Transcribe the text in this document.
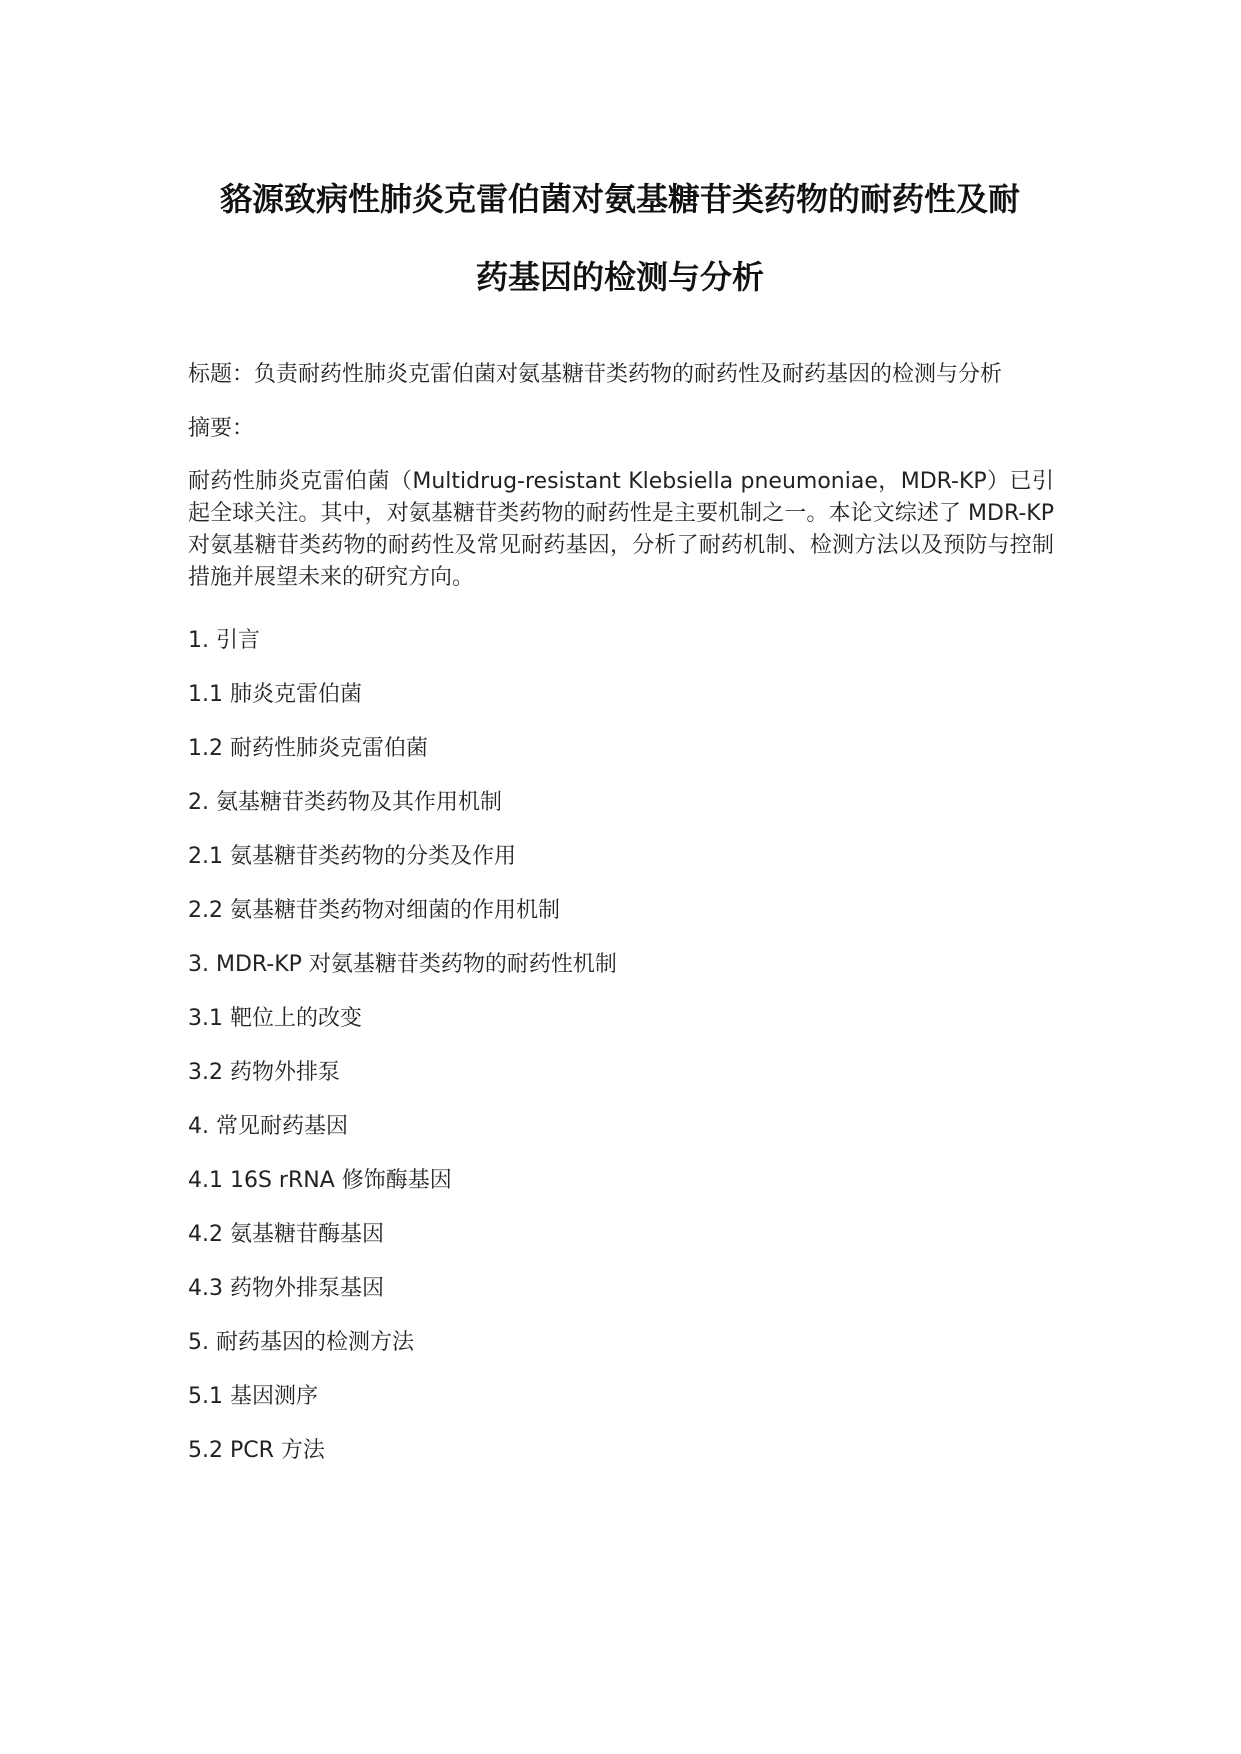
貉源致病性肺炎克雷伯菌对氨基糖苷类药物的耐药性及耐
药基因的检测与分析
标题：负责耐药性肺炎克雷伯菌对氨基糖苷类药物的耐药性及耐药基因的检测与分析
摘要：
耐药性肺炎克雷伯菌（Multidrug-resistant Klebsiella pneumoniae，MDR-KP）已引起全球关注。其中，对氨基糖苷类药物的耐药性是主要机制之一。本论文综述了 MDR-KP 对氨基糖苷类药物的耐药性及常见耐药基因，分析了耐药机制、检测方法以及预防与控制措施并展望未来的研究方向。
1. 引言
1.1 肺炎克雷伯菌
1.2 耐药性肺炎克雷伯菌
2. 氨基糖苷类药物及其作用机制
2.1 氨基糖苷类药物的分类及作用
2.2 氨基糖苷类药物对细菌的作用机制
3. MDR-KP 对氨基糖苷类药物的耐药性机制
3.1 靶位上的改变
3.2 药物外排泵
4. 常见耐药基因
4.1 16S rRNA 修饰酶基因
4.2 氨基糖苷酶基因
4.3 药物外排泵基因
5. 耐药基因的检测方法
5.1 基因测序
5.2 PCR 方法
